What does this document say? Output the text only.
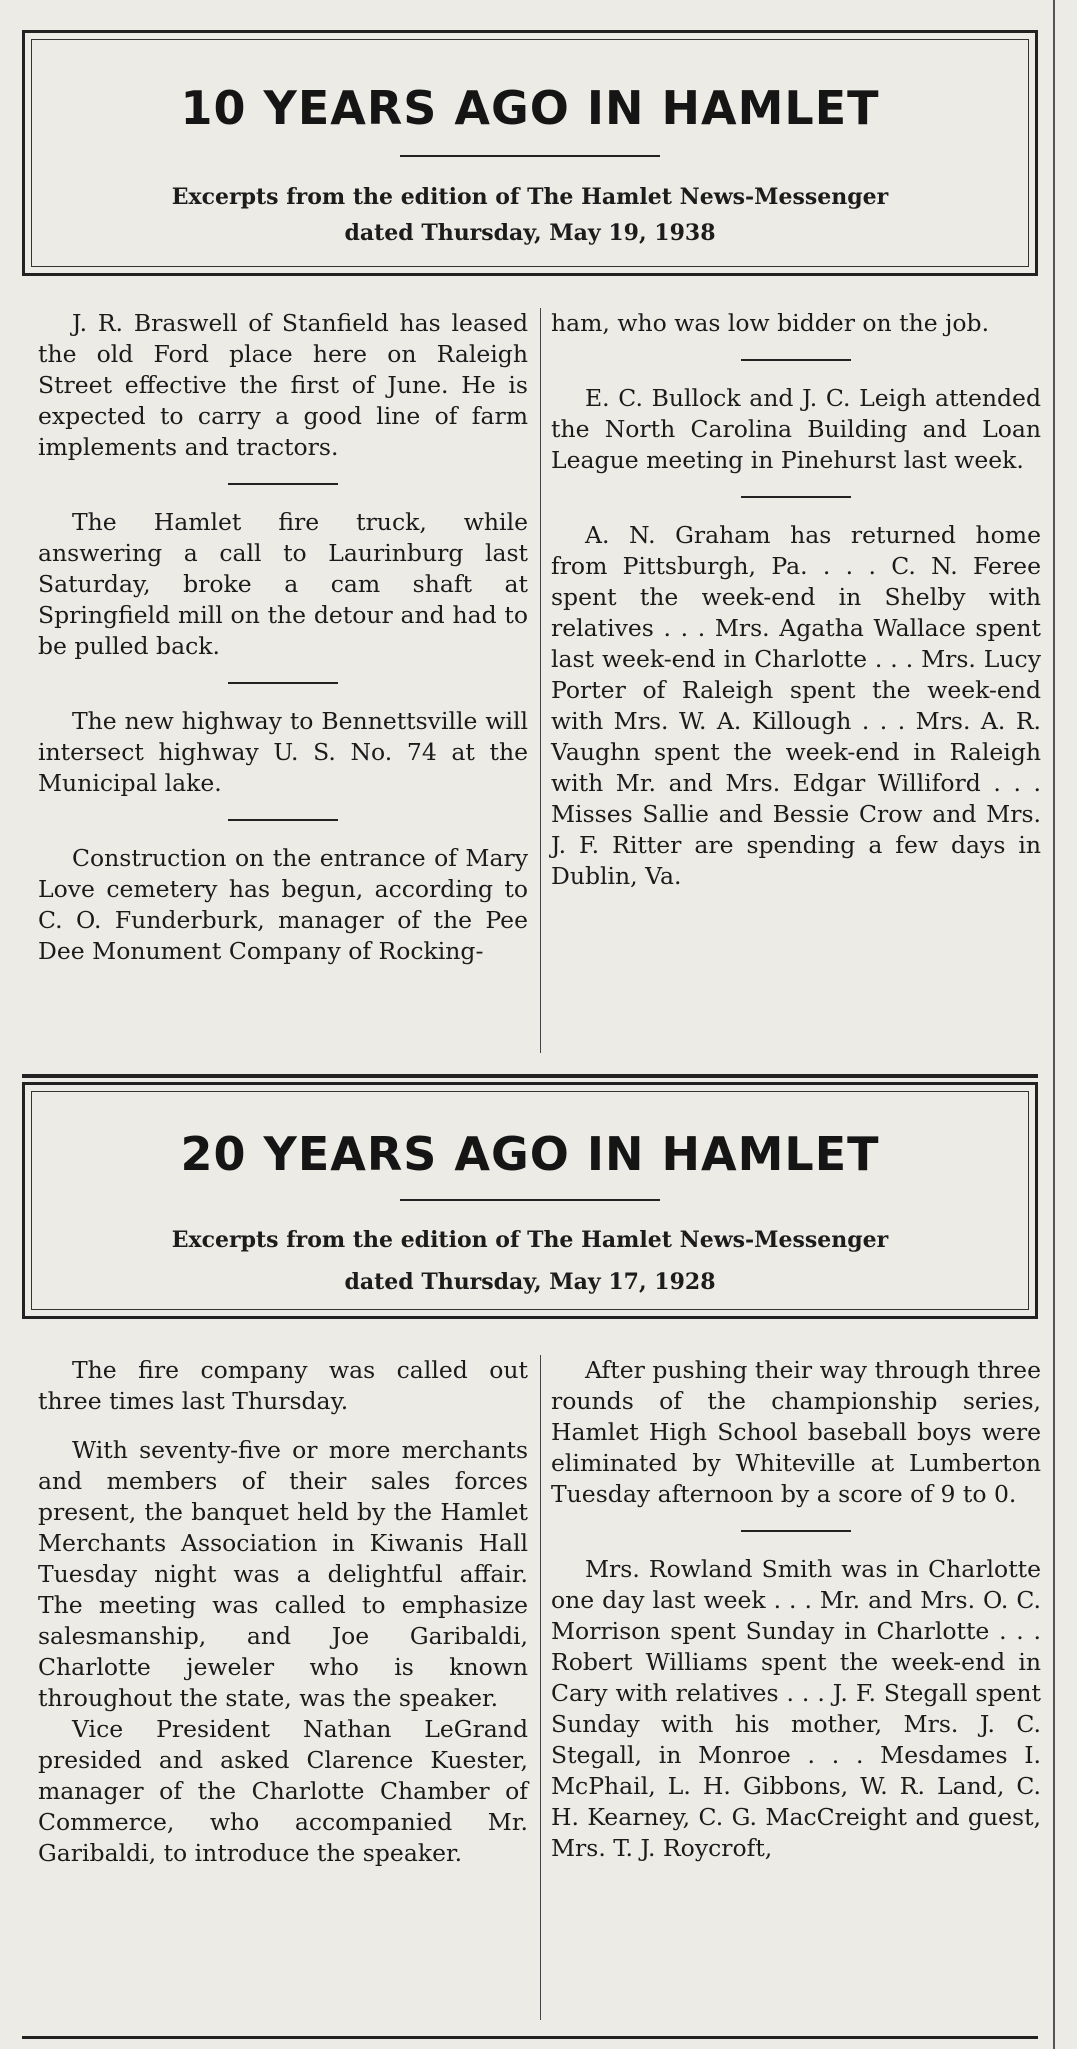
10 YEARS AGO IN HAMLET
Excerpts from the edition of The Hamlet News-Messenger
dated Thursday, May 19, 1938

J. R. Braswell of Stanfield has leased the old Ford place here on Raleigh Street effective the first of June. He is expected to carry a good line of farm implements and tractors.

The Hamlet fire truck, while answering a call to Laurinburg last Saturday, broke a cam shaft at Springfield mill on the detour and had to be pulled back.

The new highway to Bennettsville will intersect highway U. S. No. 74 at the Municipal lake.

Construction on the entrance of Mary Love cemetery has begun, according to C. O. Funderburk, manager of the Pee Dee Monument Company of Rocking-

ham, who was low bidder on the job.

E. C. Bullock and J. C. Leigh attended the North Carolina Building and Loan League meeting in Pinehurst last week.

A. N. Graham has returned home from Pittsburgh, Pa. . . . C. N. Feree spent the week-end in Shelby with relatives . . . Mrs. Agatha Wallace spent last week-end in Charlotte . . . Mrs. Lucy Porter of Raleigh spent the week-end with Mrs. W. A. Killough . . . Mrs. A. R. Vaughn spent the week-end in Raleigh with Mr. and Mrs. Edgar Williford . . . Misses Sallie and Bessie Crow and Mrs. J. F. Ritter are spending a few days in Dublin, Va.

20 YEARS AGO IN HAMLET
Excerpts from the edition of The Hamlet News-Messenger
dated Thursday, May 17, 1928

The fire company was called out three times last Thursday.

With seventy-five or more merchants and members of their sales forces present, the banquet held by the Hamlet Merchants Association in Kiwanis Hall Tuesday night was a delightful affair. The meeting was called to emphasize salesmanship, and Joe Garibaldi, Charlotte jeweler who is known throughout the state, was the speaker.

Vice President Nathan LeGrand presided and asked Clarence Kuester, manager of the Charlotte Chamber of Commerce, who accompanied Mr. Garibaldi, to introduce the speaker.

After pushing their way through three rounds of the championship series, Hamlet High School baseball boys were eliminated by Whiteville at Lumberton Tuesday afternoon by a score of 9 to 0.

Mrs. Rowland Smith was in Charlotte one day last week . . . Mr. and Mrs. O. C. Morrison spent Sunday in Charlotte . . . Robert Williams spent the week-end in Cary with relatives . . . J. F. Stegall spent Sunday with his mother, Mrs. J. C. Stegall, in Monroe . . . Mesdames I. McPhail, L. H. Gibbons, W. R. Land, C. H. Kearney, C. G. MacCreight and guest, Mrs. T. J. Roycroft,
